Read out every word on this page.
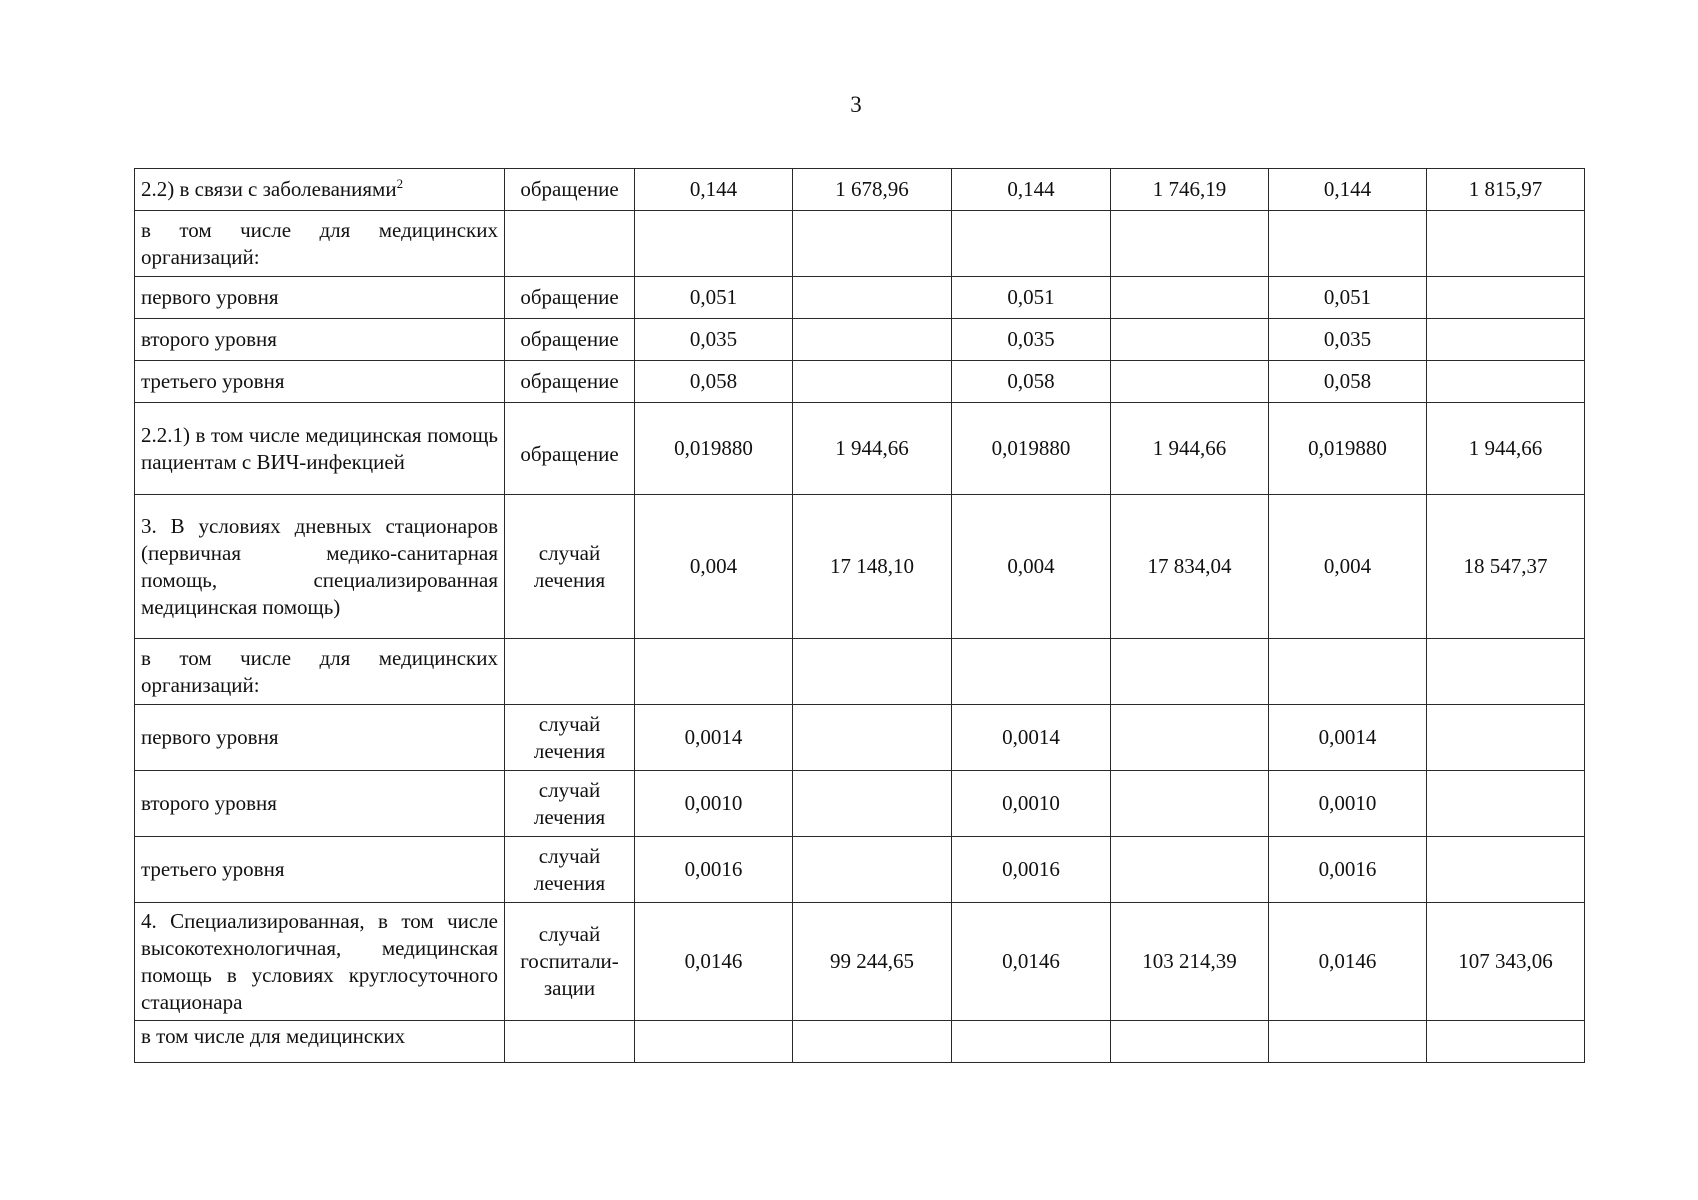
3
2.2) в связи с заболеваниями$^2$	обращение	0,144	1 678,96	0,144	1 746,19	0,144	1 815,97
в том числе для медицинских организаций:							
первого уровня	обращение	0,051		0,051		0,051	
второго уровня	обращение	0,035		0,035		0,035	
третьего уровня	обращение	0,058		0,058		0,058	
2.2.1) в том числе медицинская помощь пациентам с ВИЧ-инфекцией	обращение	0,019880	1 944,66	0,019880	1 944,66	0,019880	1 944,66
3. В условиях дневных стационаров (первичная медико-санитарная помощь, специализированная медицинская помощь)	случай лечения	0,004	17 148,10	0,004	17 834,04	0,004	18 547,37
в том числе для медицинских организаций:							
первого уровня	случай лечения	0,0014		0,0014		0,0014	
второго уровня	случай лечения	0,0010		0,0010		0,0010	
третьего уровня	случай лечения	0,0016		0,0016		0,0016	
4. Специализированная, в том числе высокотехнологичная, медицинская помощь в условиях круглосуточного стационара	случай госпитали-зации	0,0146	99 244,65	0,0146	103 214,39	0,0146	107 343,06
в том числе для медицинских							
